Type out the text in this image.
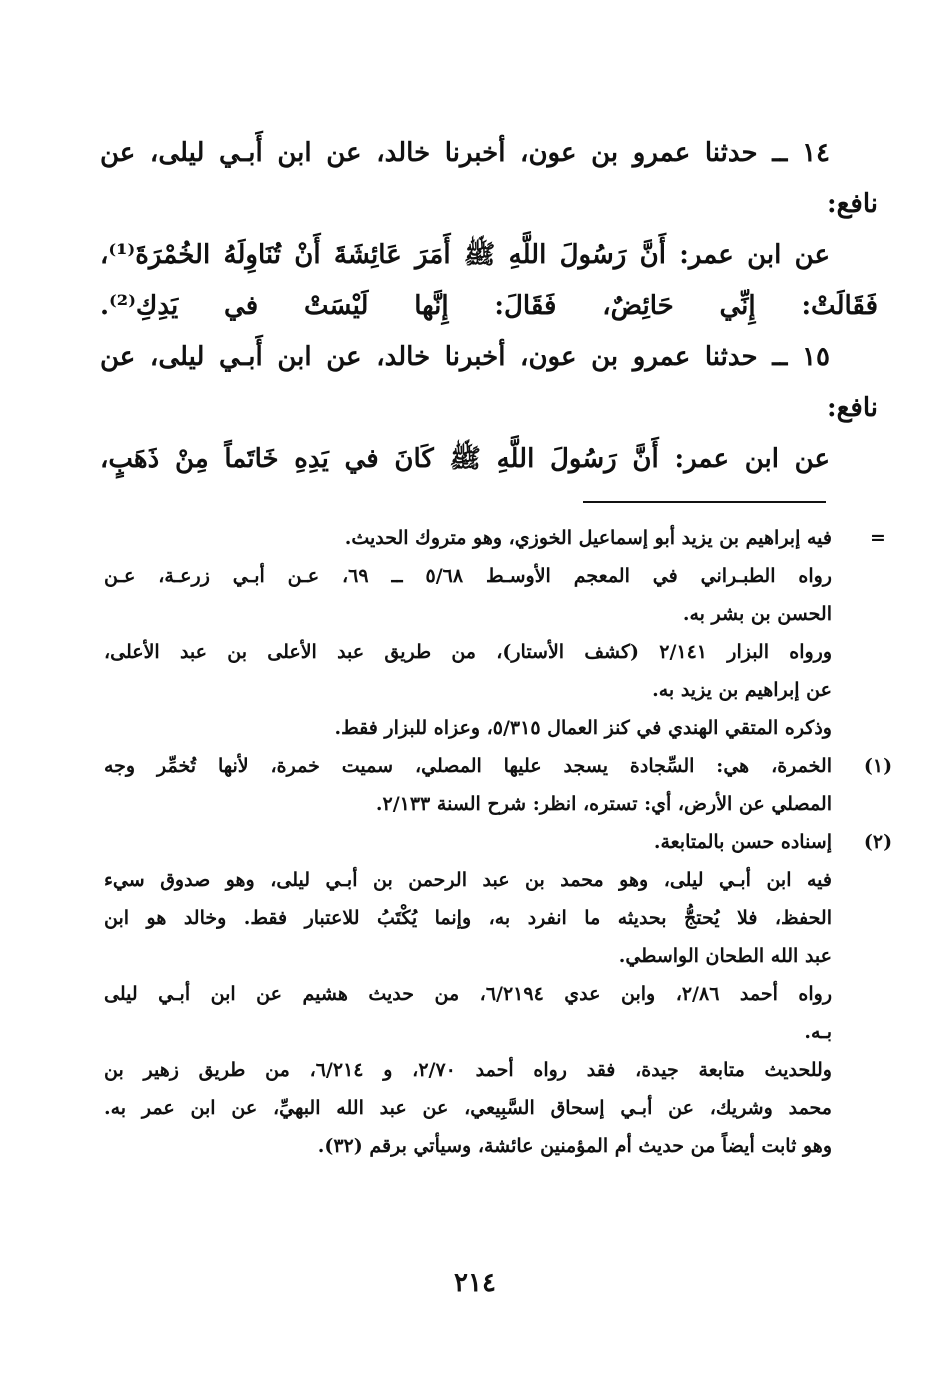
١٤ ــ حدثنا عمرو بن عون، أخبرنا خالد، عن ابن أَبـي ليلى، عن
نافع:
عن ابن عمر: أَنَّ رَسُولَ اللَّهِ ﷺ أَمَرَ عَائِشَةَ أَنْ تُنَاوِلَهُ الخُمْرَةَ⁽¹⁾،
فَقَالَتْ: إِنِّي حَائِضٌ، فَقَالَ: إِنَّها لَيْسَتْ في يَدِكِ⁽²⁾.
١٥ ــ حدثنا عمرو بن عون، أخبرنا خالد، عن ابن أَبـي ليلى، عن
نافع:
عن ابن عمر: أَنَّ رَسُولَ اللَّهِ ﷺ كَانَ في يَدِهِ خَاتَماً مِنْ ذَهَبٍ،
=
فيه إبراهيم بن يزيد أبو إسماعيل الخوزي، وهو متروك الحديث.
رواه الطبـراني في المعجم الأوسـط ٥/٦٨ ــ ٦٩، عـن أبـي زرعـة، عـن
الحسن بن بشر به.
ورواه البزار ٢/١٤١ (كشف الأستار)، من طريق عبد الأعلى بن عبد الأعلى،
عن إبراهيم بن يزيد به.
وذكره المتقي الهندي في كنز العمال ٥/٣١٥، وعزاه للبزار فقط.
(١)
الخمرة، هي: السِّجادة يسجد عليها المصلي، سميت خمرة، لأنها تُخمِّر وجه
المصلي عن الأرض، أي: تستره، انظر: شرح السنة ٢/١٣٣.
(٢)
إسناده حسن بالمتابعة.
فيه ابن أبـي ليلى، وهو محمد بن عبد الرحمن بن أبـي ليلى، وهو صدوق سيء
الحفظ، فلا يُحتجُّ بحديثه ما انفرد به، وإنما يُكْتَبُ للاعتبار فقط. وخالد هو ابن
عبد الله الطحان الواسطي.
رواه أحمد ٢/٨٦، وابن عدي ٦/٢١٩٤، من حديث هشيم عن ابن أبـي ليلى
بـه.
وللحديث متابعة جيدة، فقد رواه أحمد ٢/٧٠، و ٦/٢١٤، من طريق زهير بن
محمد وشريك، عن أبـي إسحاق السَّبِيعي، عن عبد الله البهيِّ، عن ابن عمر به.
وهو ثابت أيضاً من حديث أم المؤمنين عائشة، وسيأتي برقم (٣٢).
٢١٤
